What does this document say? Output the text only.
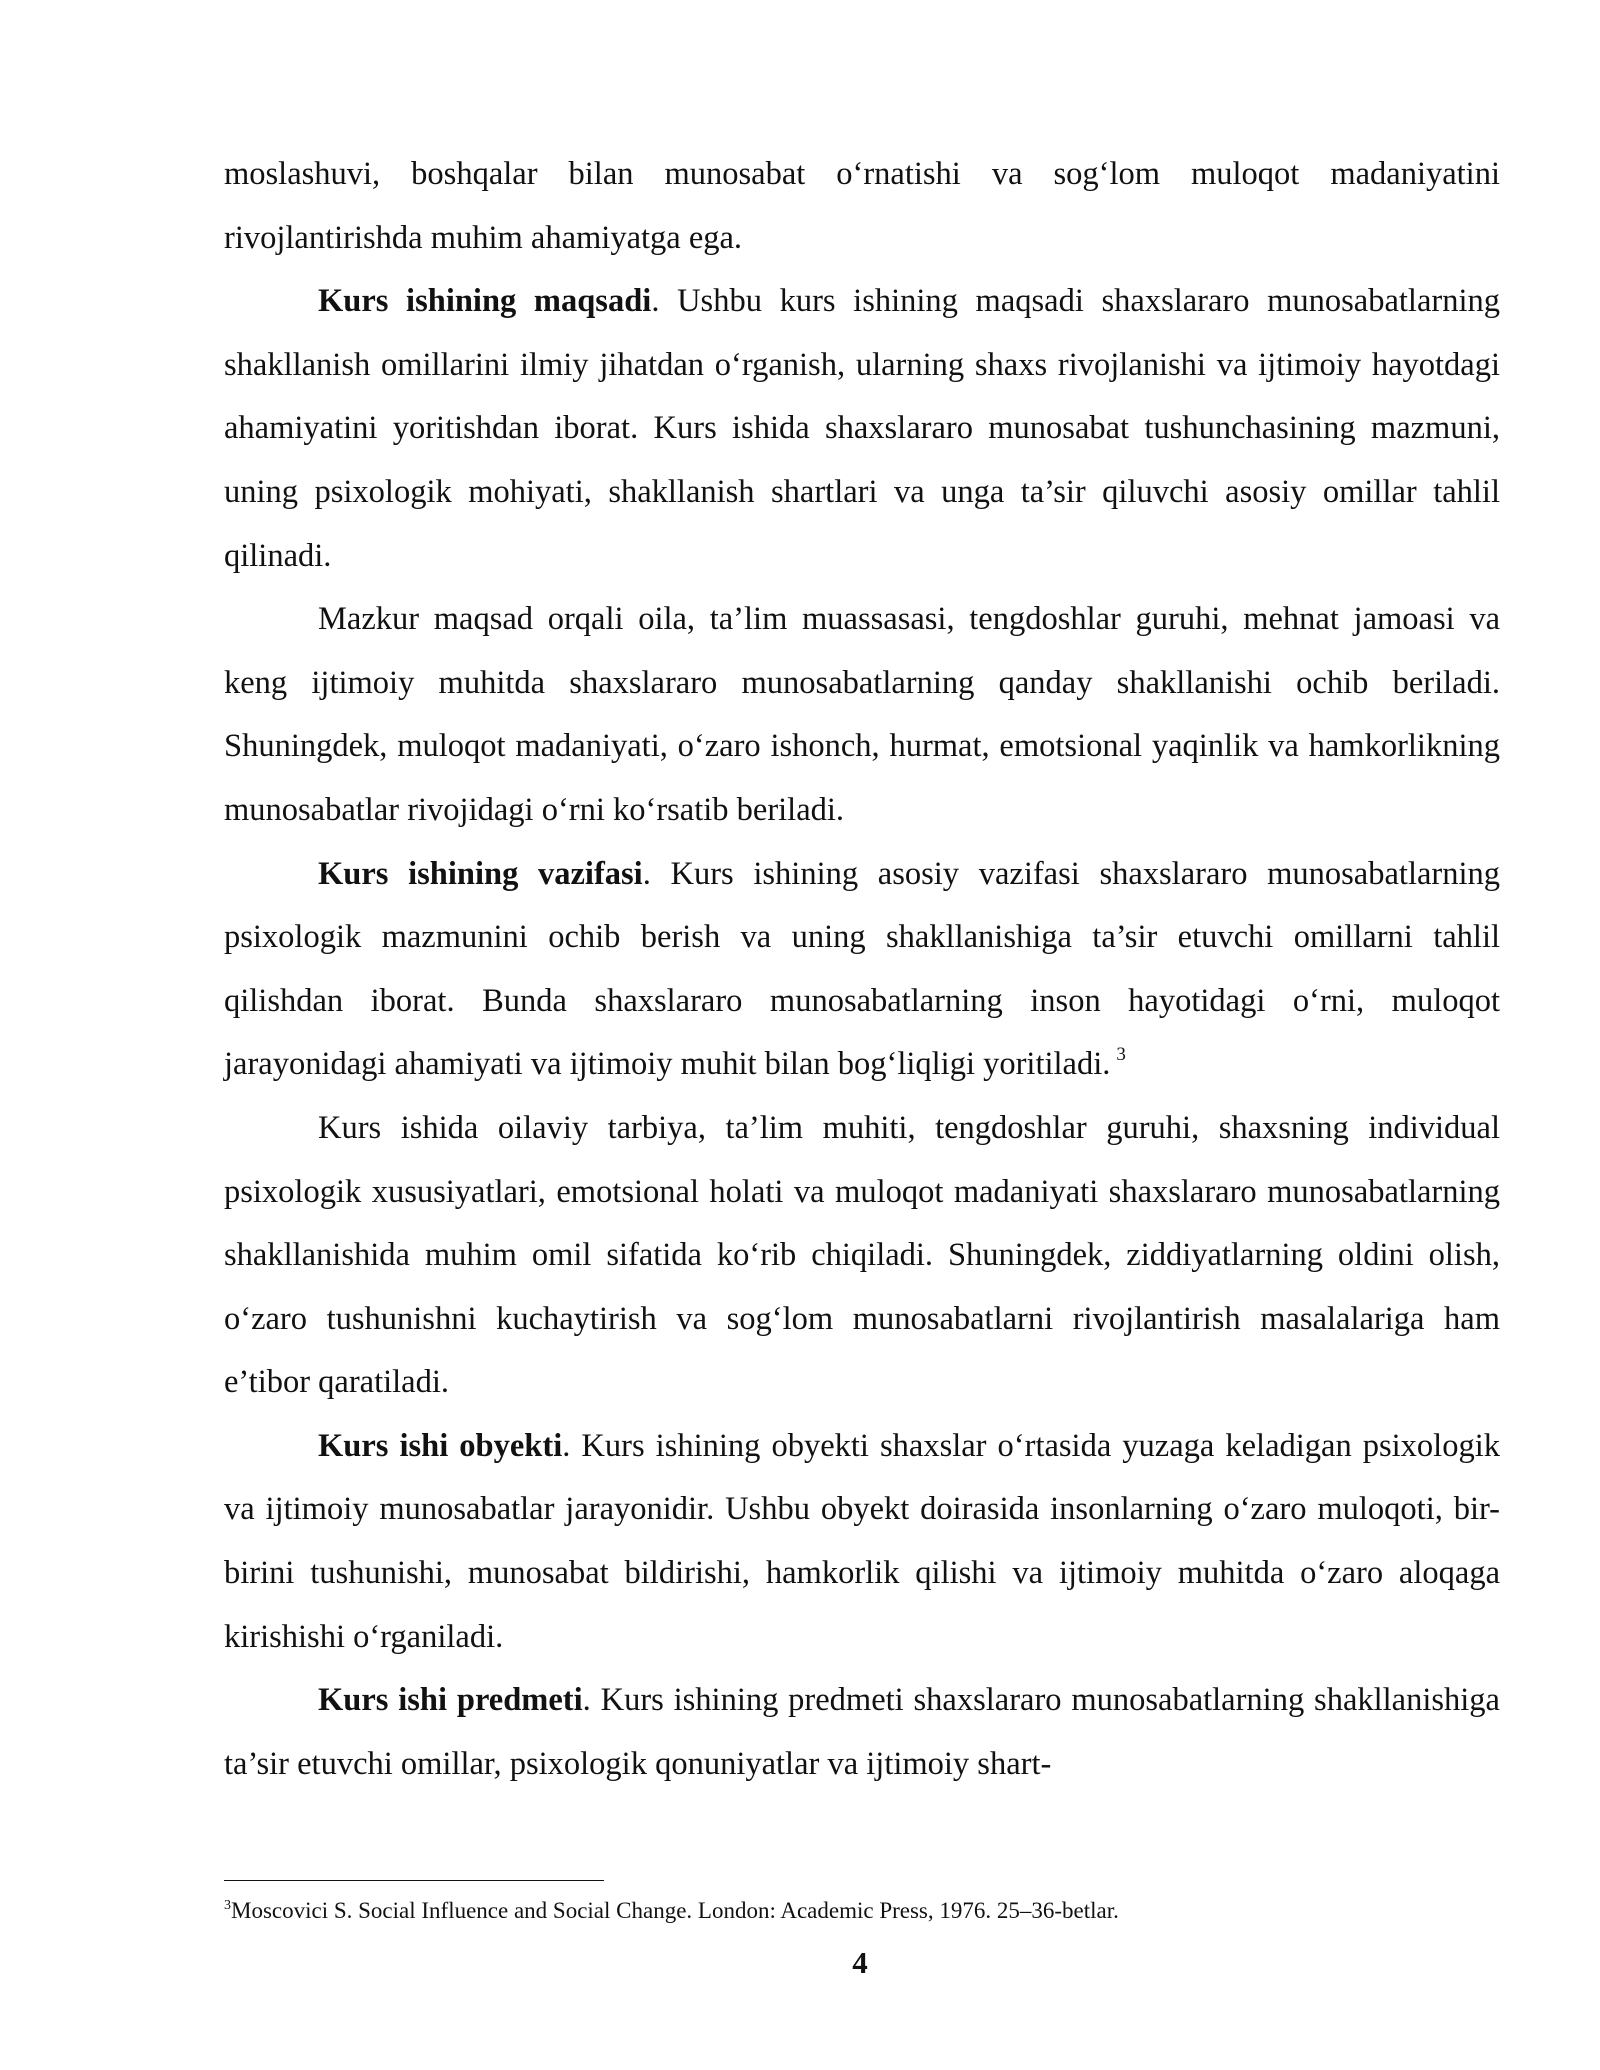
moslashuvi, boshqalar bilan munosabat o‘rnatishi va sog‘lom muloqot madaniyatini rivojlantirishda muhim ahamiyatga ega.

Kurs ishining maqsadi. Ushbu kurs ishining maqsadi shaxslararo munosabatlarning shakllanish omillarini ilmiy jihatdan o‘rganish, ularning shaxs rivojlanishi va ijtimoiy hayotdagi ahamiyatini yoritishdan iborat. Kurs ishida shaxslararo munosabat tushunchasining mazmuni, uning psixologik mohiyati, shakllanish shartlari va unga ta’sir qiluvchi asosiy omillar tahlil qilinadi.

Mazkur maqsad orqali oila, ta’lim muassasasi, tengdoshlar guruhi, mehnat jamoasi va keng ijtimoiy muhitda shaxslararo munosabatlarning qanday shakllanishi ochib beriladi. Shuningdek, muloqot madaniyati, o‘zaro ishonch, hurmat, emotsional yaqinlik va hamkorlikning munosabatlar rivojidagi o‘rni ko‘rsatib beriladi.

Kurs ishining vazifasi. Kurs ishining asosiy vazifasi shaxslararo munosabatlarning psixologik mazmunini ochib berish va uning shakllanishiga ta’sir etuvchi omillarni tahlil qilishdan iborat. Bunda shaxslararo munosabatlarning inson hayotidagi o‘rni, muloqot jarayonidagi ahamiyati va ijtimoiy muhit bilan bog‘liqligi yoritiladi. $^3$

Kurs ishida oilaviy tarbiya, ta’lim muhiti, tengdoshlar guruhi, shaxsning individual psixologik xususiyatlari, emotsional holati va muloqot madaniyati shaxslararo munosabatlarning shakllanishida muhim omil sifatida ko‘rib chiqiladi. Shuningdek, ziddiyatlarning oldini olish, o‘zaro tushunishni kuchaytirish va sog‘lom munosabatlarni rivojlantirish masalalariga ham e’tibor qaratiladi.

Kurs ishi obyekti. Kurs ishining obyekti shaxslar o‘rtasida yuzaga keladigan psixologik va ijtimoiy munosabatlar jarayonidir. Ushbu obyekt doirasida insonlarning o‘zaro muloqoti, bir-birini tushunishi, munosabat bildirishi, hamkorlik qilishi va ijtimoiy muhitda o‘zaro aloqaga kirishishi o‘rganiladi.

Kurs ishi predmeti. Kurs ishining predmeti shaxslararo munosabatlarning shakllanishiga ta’sir etuvchi omillar, psixologik qonuniyatlar va ijtimoiy shart-

$^3$Moscovici S. Social Influence and Social Change. London: Academic Press, 1976. 25–36-betlar.
4
